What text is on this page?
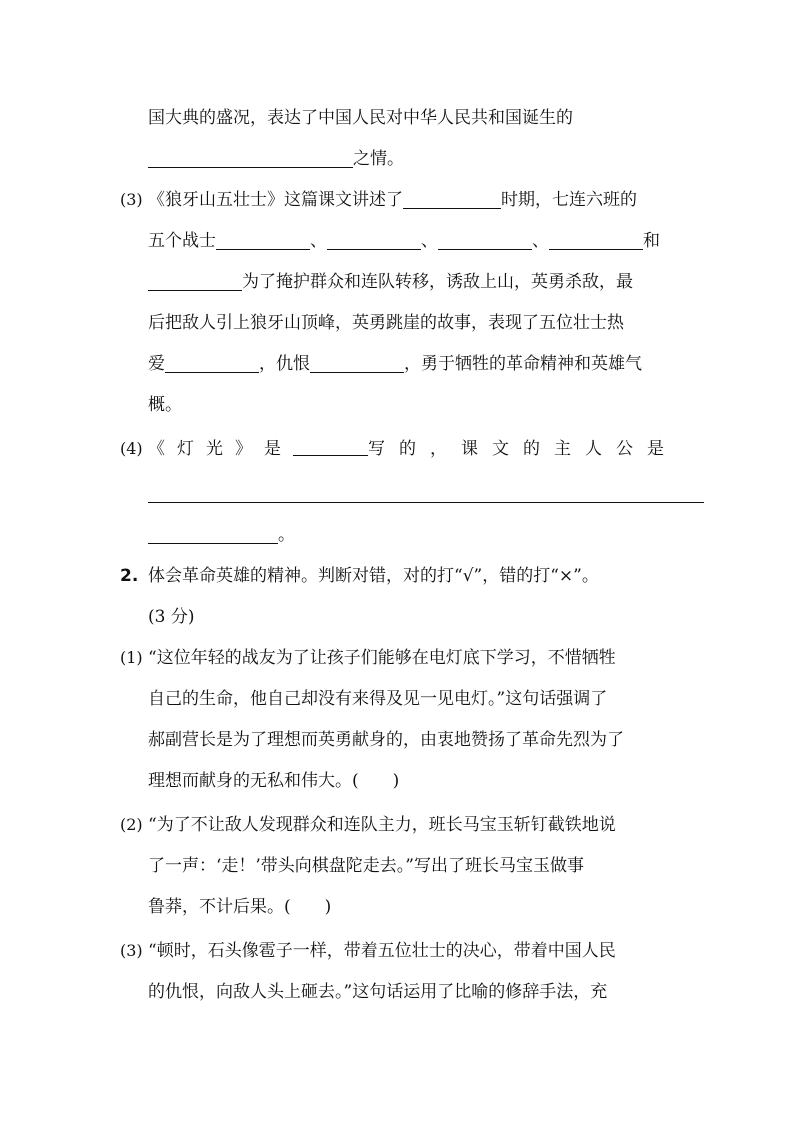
国大典的盛况，表达了中国人民对中华人民共和国诞生的
之情。
(3) 《狼牙山五壮士》这篇课文讲述了	时期，七连六班的
五个战士	、	、	、	和
为了掩护群众和连队转移，诱敌上山，英勇杀敌，最
后把敌人引上狼牙山顶峰，英勇跳崖的故事，表现了五位壮士热
爱	，仇恨	，勇于牺牲的革命精神和英雄气
概。
(4) 《灯光》是	写的，课文的主人公是
。
2. 体会革命英雄的精神。判断对错，对的打“√”，错的打“×”。
(3 分)
(1) “这位年轻的战友为了让孩子们能够在电灯底下学习，不惜牺牲
自己的生命，他自己却没有来得及见一见电灯。”这句话强调了
郝副营长是为了理想而英勇献身的，由衷地赞扬了革命先烈为了
理想而献身的无私和伟大。(　　)
(2) “为了不让敌人发现群众和连队主力，班长马宝玉斩钉截铁地说
了一声：‘走！’带头向棋盘陀走去。”写出了班长马宝玉做事
鲁莽，不计后果。(　　)
(3) “顿时，石头像雹子一样，带着五位壮士的决心，带着中国人民
的仇恨，向敌人头上砸去。”这句话运用了比喻的修辞手法，充
